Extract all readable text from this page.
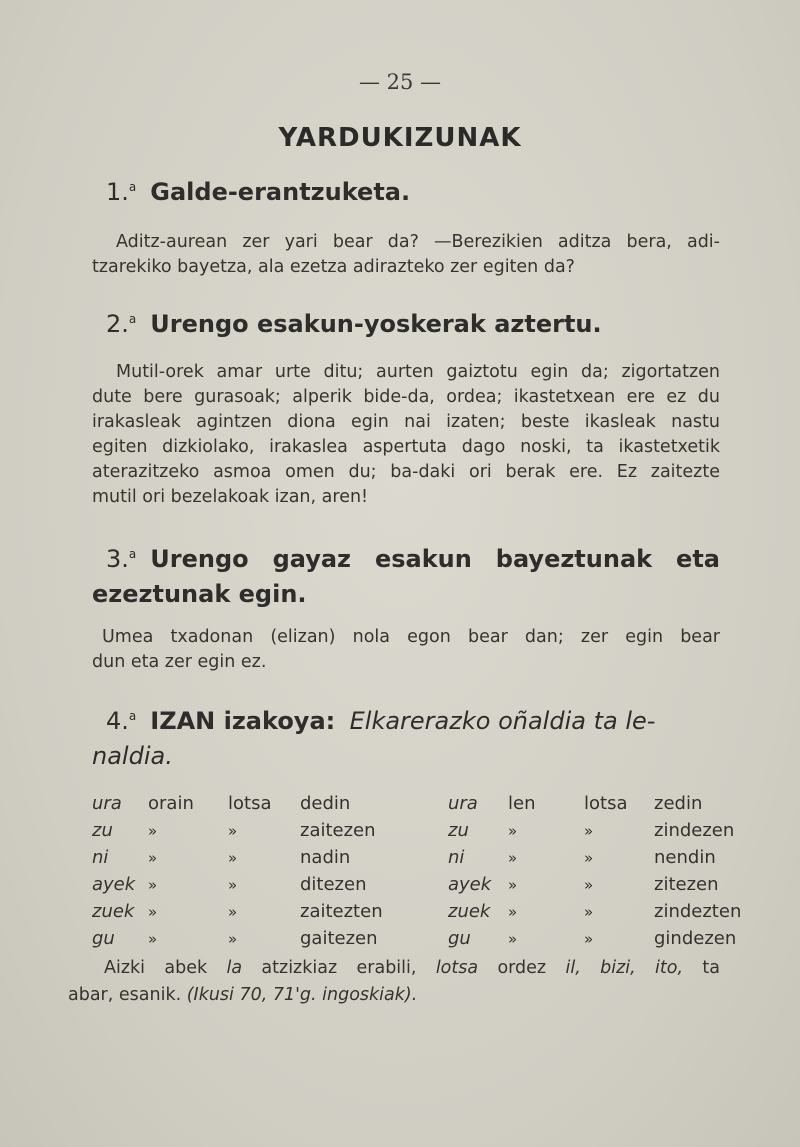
— 25 —
YARDUKIZUNAK
1.$^a$ Galde-erantzuketa.
Aditz-aurean zer yari bear da? —Berezikien aditza bera, adi-
tzarekiko bayetza, ala ezetza adirazteko zer egiten da?
2.$^a$ Urengo esakun-yoskerak aztertu.
Mutil-orek amar urte ditu; aurten gaiztotu egin da; zigortatzen
dute bere gurasoak; alperik bide-da, ordea; ikastetxean ere ez du
irakasleak agintzen diona egin nai izaten; beste ikasleak nastu
egiten dizkiolako, irakaslea aspertuta dago noski, ta ikastetxetik
aterazitzeko asmoa omen du; ba-daki ori berak ere. Ez zaitezte
mutil ori bezelakoak izan, aren!
3.$^a$ Urengo gayaz esakun bayeztunak eta
ezeztunak egin.
Umea txadonan (elizan) nola egon bear dan; zer egin bear
dun eta zer egin ez.
4.$^a$ IZAN izakoya: Elkarerazko oñaldia ta le-
naldia.
ura	orain	lotsa	dedin	ura	len	lotsa	zedin
zu	»	»	zaitezen	zu	»	»	zindezen
ni	»	»	nadin	ni	»	»	nendin
ayek	»	»	ditezen	ayek	»	»	zitezen
zuek	»	»	zaitezten	zuek	»	»	zindezten
gu	»	»	gaitezen	gu	»	»	gindezen
Aizki abek la atzizkiaz erabili, lotsa ordez il, bizi, ito, ta
abar, esanik. (Ikusi 70, 71'g. ingoskiak).
